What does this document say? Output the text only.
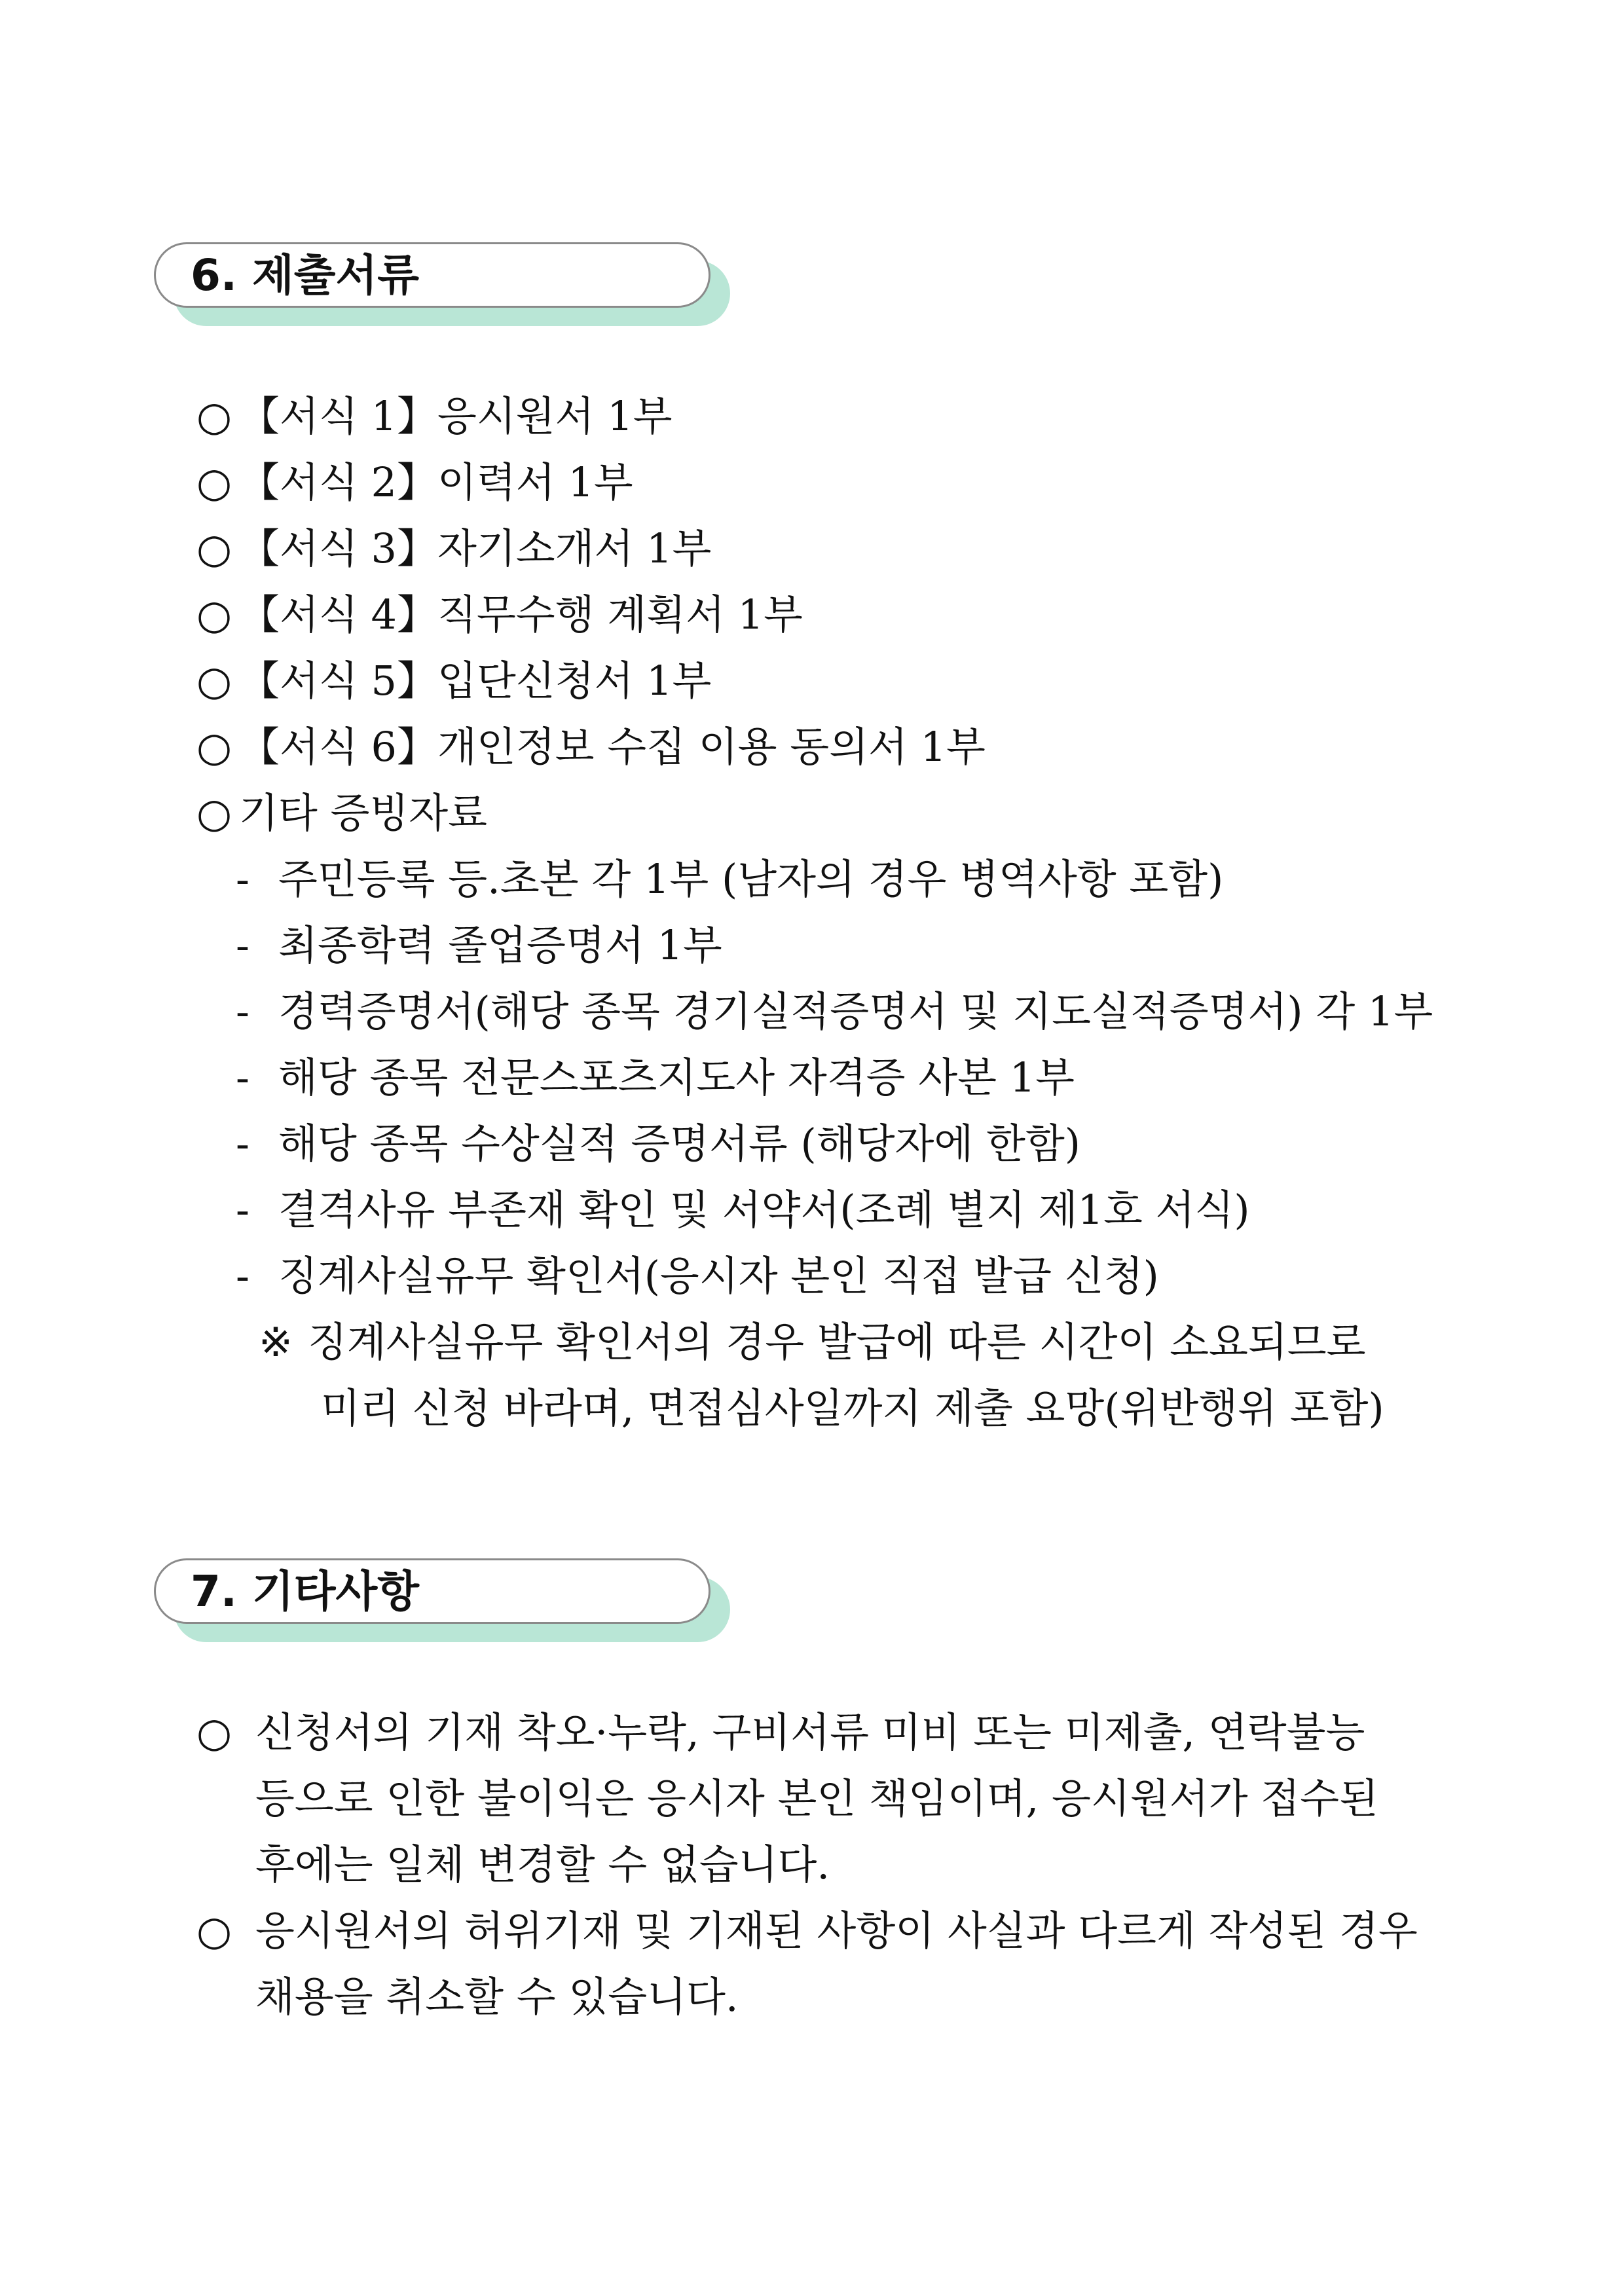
6. 제출서류
○ 【서식 1】응시원서 1부
○ 【서식 2】이력서 1부
○ 【서식 3】자기소개서 1부
○ 【서식 4】직무수행 계획서 1부
○ 【서식 5】입단신청서 1부
○ 【서식 6】개인정보 수집 이용 동의서 1부
○ 기타 증빙자료
- 주민등록 등.초본 각 1부 (남자의 경우 병역사항 포함)
- 최종학력 졸업증명서 1부
- 경력증명서(해당 종목 경기실적증명서 및 지도실적증명서) 각 1부
- 해당 종목 전문스포츠지도사 자격증 사본 1부
- 해당 종목 수상실적 증명서류 (해당자에 한함)
- 결격사유 부존재 확인 및 서약서(조례 별지 제1호 서식)
- 징계사실유무 확인서(응시자 본인 직접 발급 신청)
※ 징계사실유무 확인서의 경우 발급에 따른 시간이 소요되므로
미리 신청 바라며, 면접심사일까지 제출 요망(위반행위 포함)
7. 기타사항
○ 신청서의 기재 착오·누락, 구비서류 미비 또는 미제출, 연락불능
등으로 인한 불이익은 응시자 본인 책임이며, 응시원서가 접수된
후에는 일체 변경할 수 없습니다.
○ 응시원서의 허위기재 및 기재된 사항이 사실과 다르게 작성된 경우
채용을 취소할 수 있습니다.
